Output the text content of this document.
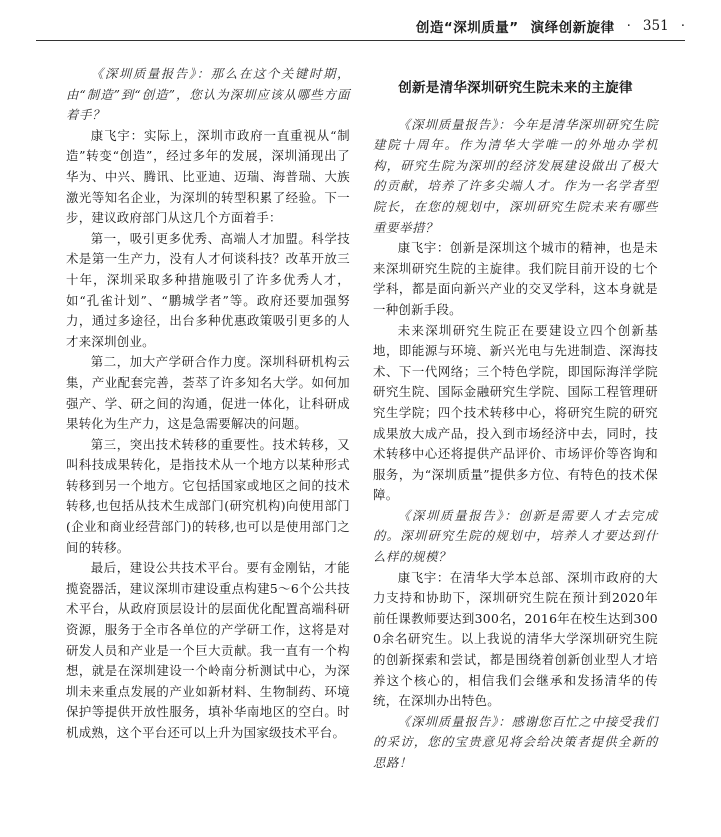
创造“深圳质量” 演绎创新旋律 · 351 ·

《深圳质量报告》：那么在这个关键时期，由“制造”到“创造”，您认为深圳应该从哪些方面着手？

康飞宇：实际上，深圳市政府一直重视从“制造”转变“创造”，经过多年的发展，深圳涌现出了华为、中兴、腾讯、比亚迪、迈瑞、海普瑞、大族激光等知名企业，为深圳的转型积累了经验。下一步，建议政府部门从这几个方面着手：

第一，吸引更多优秀、高端人才加盟。科学技术是第一生产力，没有人才何谈科技？改革开放三十年，深圳采取多种措施吸引了许多优秀人才，如“孔雀计划”、“鹏城学者”等。政府还要加强努力，通过多途径，出台多种优惠政策吸引更多的人才来深圳创业。

第二，加大产学研合作力度。深圳科研机构云集，产业配套完善，荟萃了许多知名大学。如何加强产、学、研之间的沟通，促进一体化，让科研成果转化为生产力，这是急需要解决的问题。

第三，突出技术转移的重要性。技术转移，又叫科技成果转化，是指技术从一个地方以某种形式转移到另一个地方。它包括国家或地区之间的技术转移,也包括从技术生成部门(研究机构)向使用部门(企业和商业经营部门)的转移,也可以是使用部门之间的转移。

最后，建设公共技术平台。要有金刚钻，才能揽瓷器活，建议深圳市建设重点构建5～6个公共技术平台，从政府顶层设计的层面优化配置高端科研资源，服务于全市各单位的产学研工作，这将是对研发人员和产业是一个巨大贡献。我一直有一个构想，就是在深圳建设一个岭南分析测试中心，为深圳未来重点发展的产业如新材料、生物制药、环境保护等提供开放性服务，填补华南地区的空白。时机成熟，这个平台还可以上升为国家级技术平台。

创新是清华深圳研究生院未来的主旋律

《深圳质量报告》：今年是清华深圳研究生院建院十周年。作为清华大学唯一的外地办学机构，研究生院为深圳的经济发展建设做出了极大的贡献，培养了许多尖端人才。作为一名学者型院长，在您的规划中，深圳研究生院未来有哪些重要举措？

康飞宇：创新是深圳这个城市的精神，也是未来深圳研究生院的主旋律。我们院目前开设的七个学科，都是面向新兴产业的交叉学科，这本身就是一种创新手段。

未来深圳研究生院正在要建设立四个创新基地，即能源与环境、新兴光电与先进制造、深海技术、下一代网络；三个特色学院，即国际海洋学院研究生院、国际金融研究生学院、国际工程管理研究生学院；四个技术转移中心，将研究生院的研究成果放大成产品，投入到市场经济中去，同时，技术转移中心还将提供产品评价、市场评价等咨询和服务，为“深圳质量”提供多方位、有特色的技术保障。

《深圳质量报告》：创新是需要人才去完成的。深圳研究生院的规划中，培养人才要达到什么样的规模？

康飞宇：在清华大学本总部、深圳市政府的大力支持和协助下，深圳研究生院在预计到2020年前任课教师要达到300名，2016年在校生达到3000余名研究生。以上我说的清华大学深圳研究生院的创新探索和尝试，都是围绕着创新创业型人才培养这个核心的，相信我们会继承和发扬清华的传统，在深圳办出特色。

《深圳质量报告》：感谢您百忙之中接受我们的采访，您的宝贵意见将会给决策者提供全新的思路！
